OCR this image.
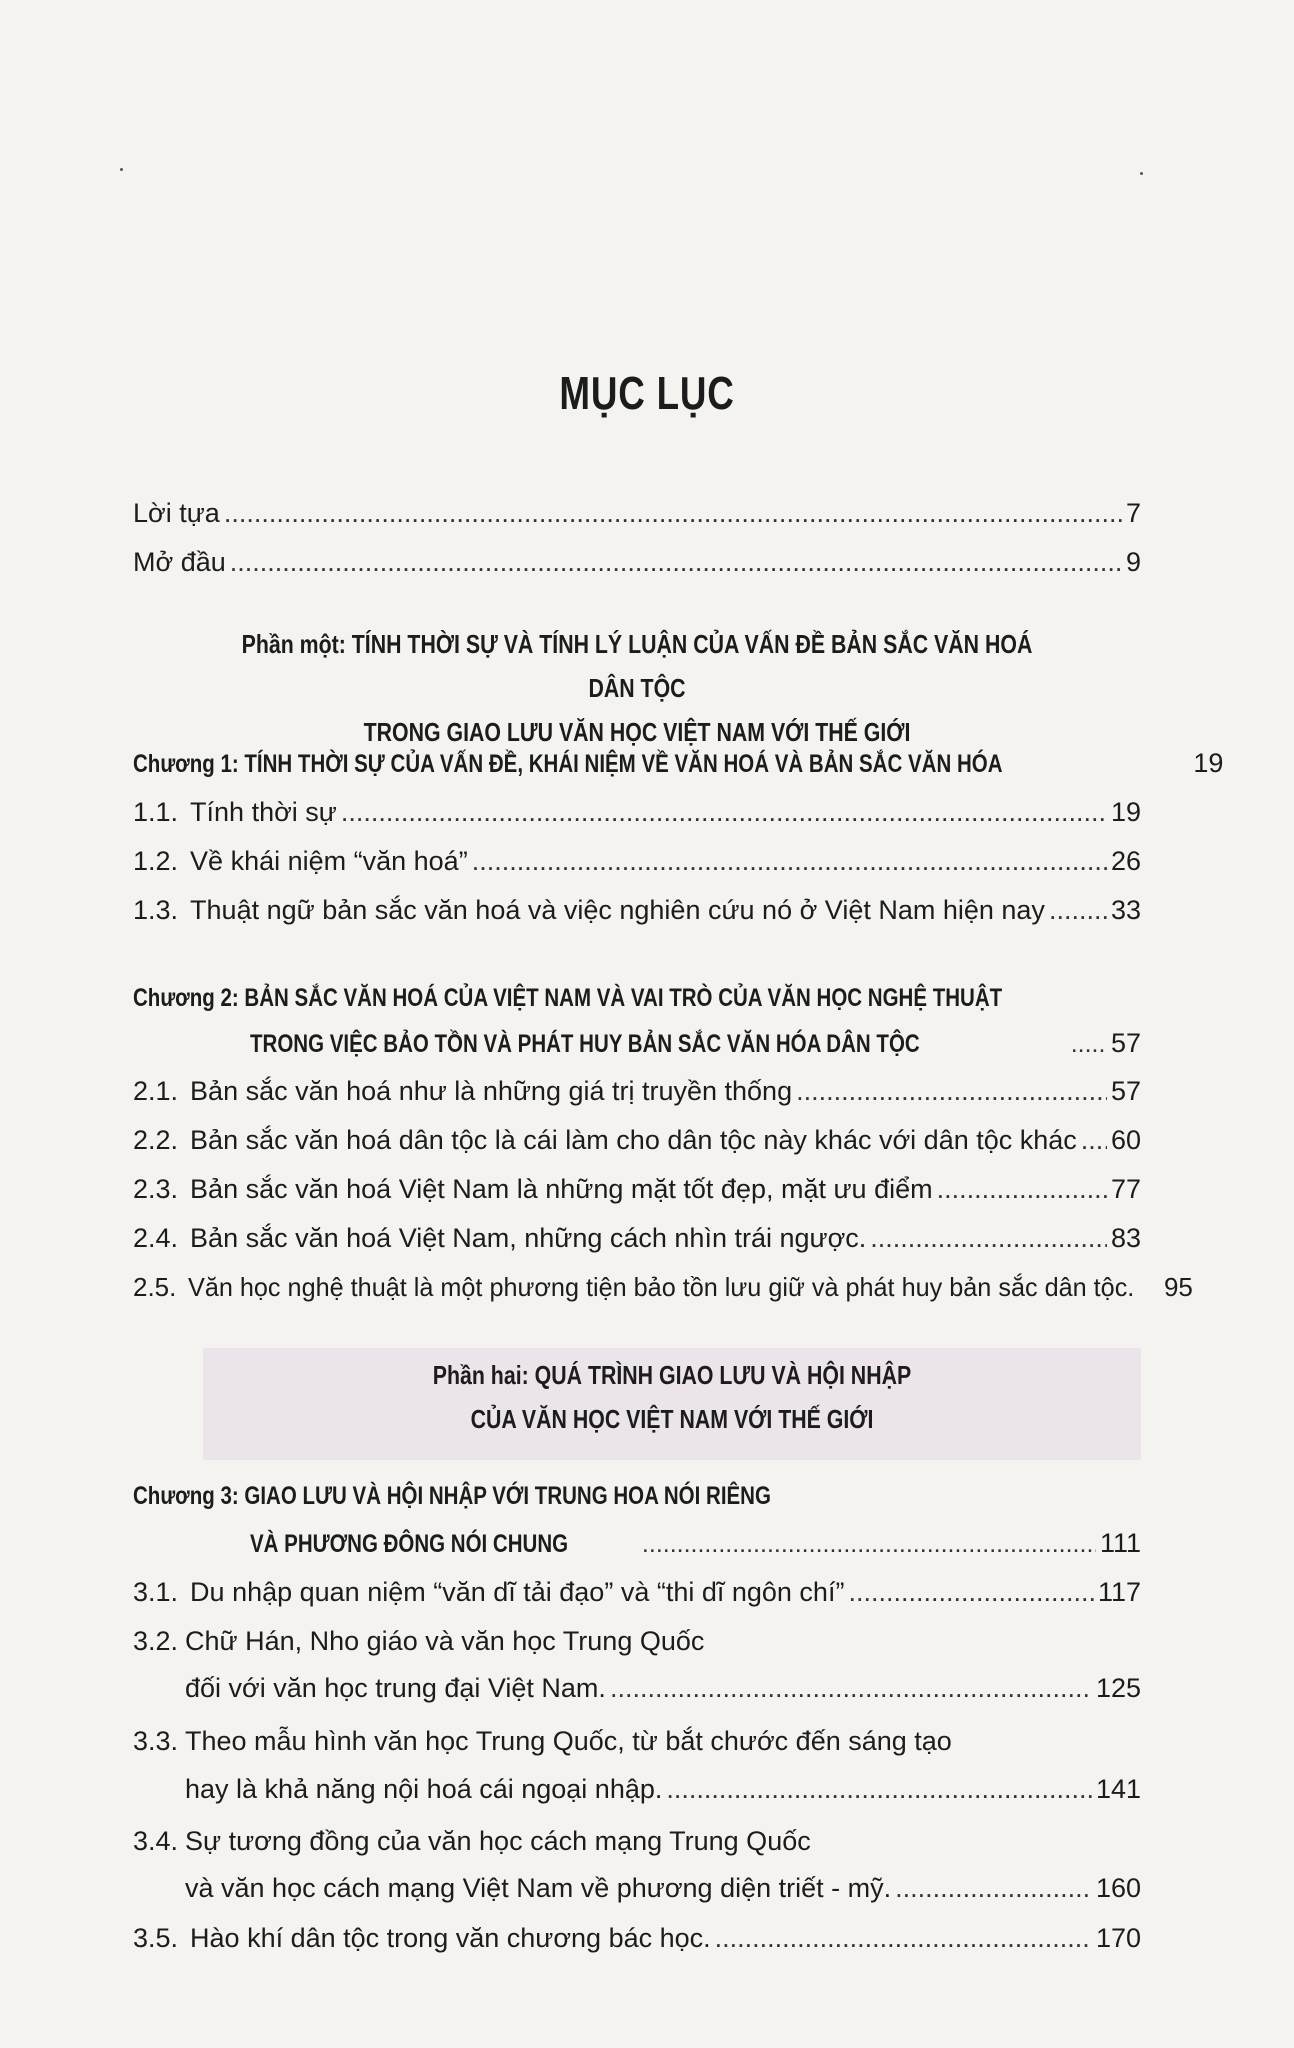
MỤC LỤC
Lời tựa .....	7
Mở đầu .....	9
Phần một: TÍNH THỜI SỰ VÀ TÍNH LÝ LUẬN CỦA VẤN ĐỀ BẢN SẮC VĂN HOÁ DÂN TỘC
TRONG GIAO LƯU VĂN HỌC VIỆT NAM VỚI THẾ GIỚI
Chương 1: TÍNH THỜI SỰ CỦA VẤN ĐỀ, KHÁI NIỆM VỀ VĂN HOÁ VÀ BẢN SẮC VĂN HÓA	19
1.1. Tính thời sự .....	19
1.2. Về khái niệm “văn hoá” .....	26
1.3. Thuật ngữ bản sắc văn hoá và việc nghiên cứu nó ở Việt Nam hiện nay ..... 33
Chương 2: BẢN SẮC VĂN HOÁ CỦA VIỆT NAM VÀ VAI TRÒ CỦA VĂN HỌC NGHỆ THUẬT
TRONG VIỆC BẢO TỒN VÀ PHÁT HUY BẢN SẮC VĂN HÓA DÂN TỘC .....	57
2.1. Bản sắc văn hoá như là những giá trị truyền thống .....	57
2.2. Bản sắc văn hoá dân tộc là cái làm cho dân tộc này khác với dân tộc khác ..... 60
2.3. Bản sắc văn hoá Việt Nam là những mặt tốt đẹp, mặt ưu điểm .....	77
2.4. Bản sắc văn hoá Việt Nam, những cách nhìn trái ngược. .....	83
2.5. Văn học nghệ thuật là một phương tiện bảo tồn lưu giữ và phát huy bản sắc dân tộc. 95
Phần hai: QUÁ TRÌNH GIAO LƯU VÀ HỘI NHẬP
CỦA VĂN HỌC VIỆT NAM VỚI THẾ GIỚI
Chương 3: GIAO LƯU VÀ HỘI NHẬP VỚI TRUNG HOA NÓI RIÊNG
VÀ PHƯƠNG ĐÔNG NÓI CHUNG .....	111
3.1. Du nhập quan niệm “văn dĩ tải đạo” và “thi dĩ ngôn chí” .....	117
3.2. Chữ Hán, Nho giáo và văn học Trung Quốc
đối với văn học trung đại Việt Nam. .....	125
3.3. Theo mẫu hình văn học Trung Quốc, từ bắt chước đến sáng tạo
hay là khả năng nội hoá cái ngoại nhập. .....	141
3.4. Sự tương đồng của văn học cách mạng Trung Quốc
và văn học cách mạng Việt Nam về phương diện triết - mỹ. .....	160
3.5. Hào khí dân tộc trong văn chương bác học. .....	170
